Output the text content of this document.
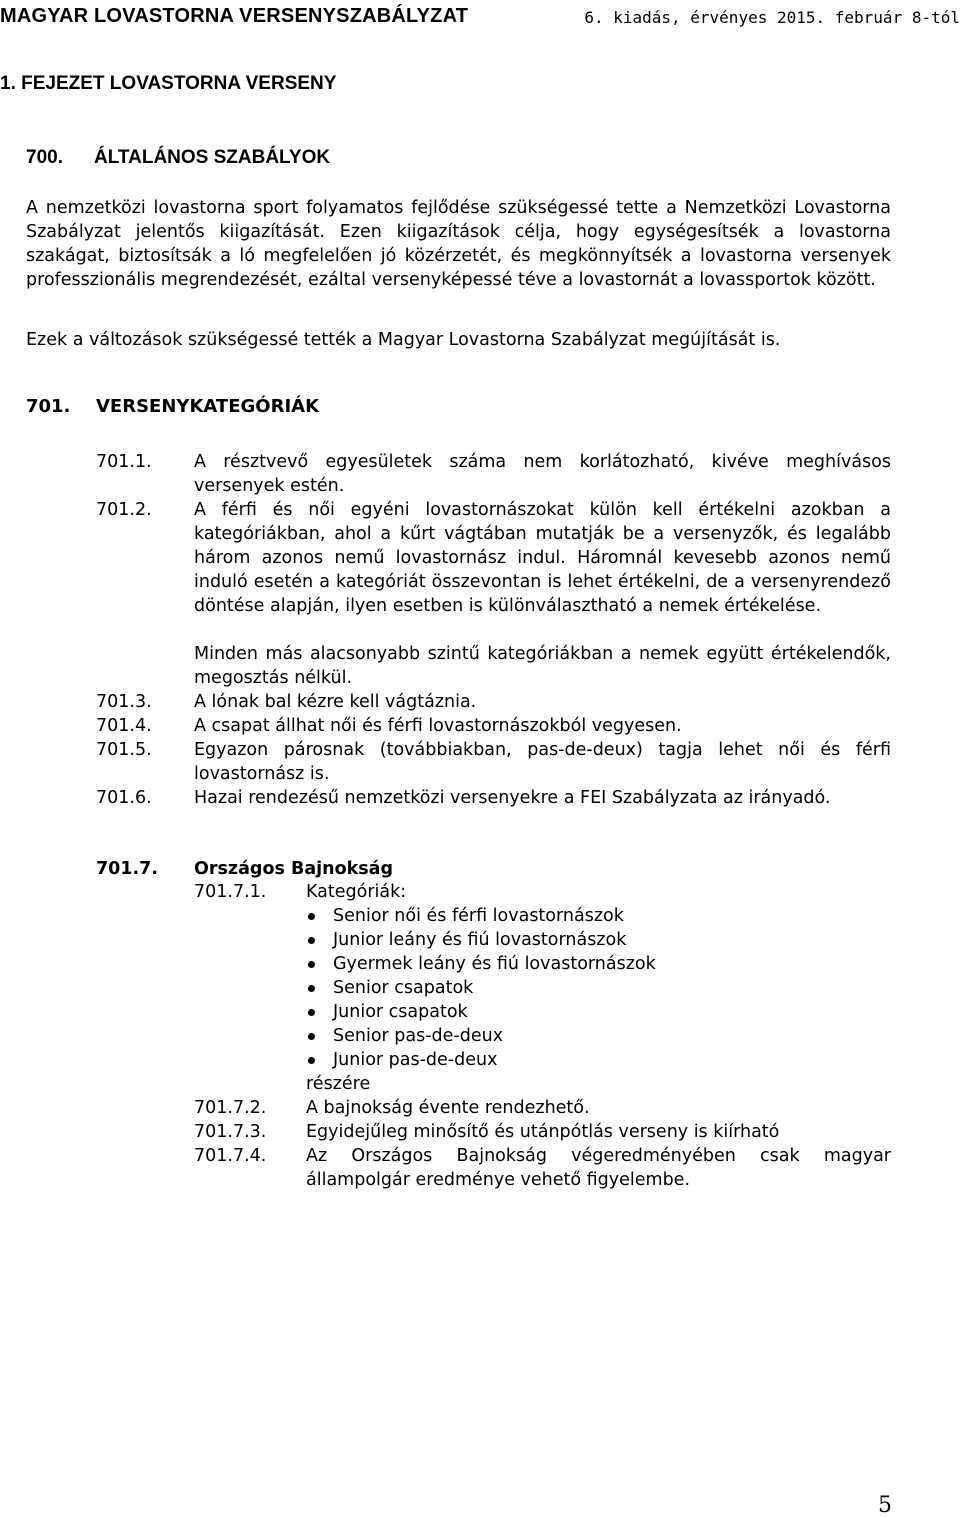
MAGYAR LOVASTORNA VERSENYSZABÁLYZAT	6. kiadás, érvényes 2015. február 8-tól
1. FEJEZET LOVASTORNA VERSENY
700. ÁLTALÁNOS SZABÁLYOK

A nemzetközi lovastorna sport folyamatos fejlődése szükségessé tette a Nemzetközi Lovastorna Szabályzat jelentős kiigazítását. Ezen kiigazítások célja, hogy egységesítsék a lovastorna szakágat, biztosítsák a ló megfelelően jó közérzetét, és megkönnyítsék a lovastorna versenyek professzionális megrendezését, ezáltal versenyképessé téve a lovastornát a lovassportok között.

Ezek a változások szükségessé tették a Magyar Lovastorna Szabályzat megújítását is.

701. VERSENYKATEGÓRIÁK
701.1. A résztvevő egyesületek száma nem korlátozható, kivéve meghívásos versenyek estén.

701.2. A férfi és női egyéni lovastornászokat külön kell értékelni azokban a kategóriákban, ahol a kűrt vágtában mutatják be a versenyzők, és legalább három azonos nemű lovastornász indul. Háromnál kevesebb azonos nemű induló esetén a kategóriát összevontan is lehet értékelni, de a versenyrendező döntése alapján, ilyen esetben is különválasztható a nemek értékelése.

Minden más alacsonyabb szintű kategóriákban a nemek együtt értékelendők, megosztás nélkül.

701.3. A lónak bal kézre kell vágtáznia.

701.4. A csapat állhat női és férfi lovastornászokból vegyesen.

701.5. Egyazon párosnak (továbbiakban, pas-de-deux) tagja lehet női és férfi lovastornász is.

701.6. Hazai rendezésű nemzetközi versenyekre a FEI Szabályzata az irányadó.

701.7. Országos Bajnokság
701.7.1. Kategóriák:
Senior női és férfi lovastornászok
Junior leány és fiú lovastornászok
Gyermek leány és fiú lovastornászok
Senior csapatok
Junior csapatok
Senior pas-de-deux
Junior pas-de-deux
részére
701.7.2. A bajnokság évente rendezhető.
701.7.3. Egyidejűleg minősítő és utánpótlás verseny is kiírható
701.7.4. Az Országos Bajnokság végeredményében csak magyar állampolgár eredménye vehető figyelembe.

5
